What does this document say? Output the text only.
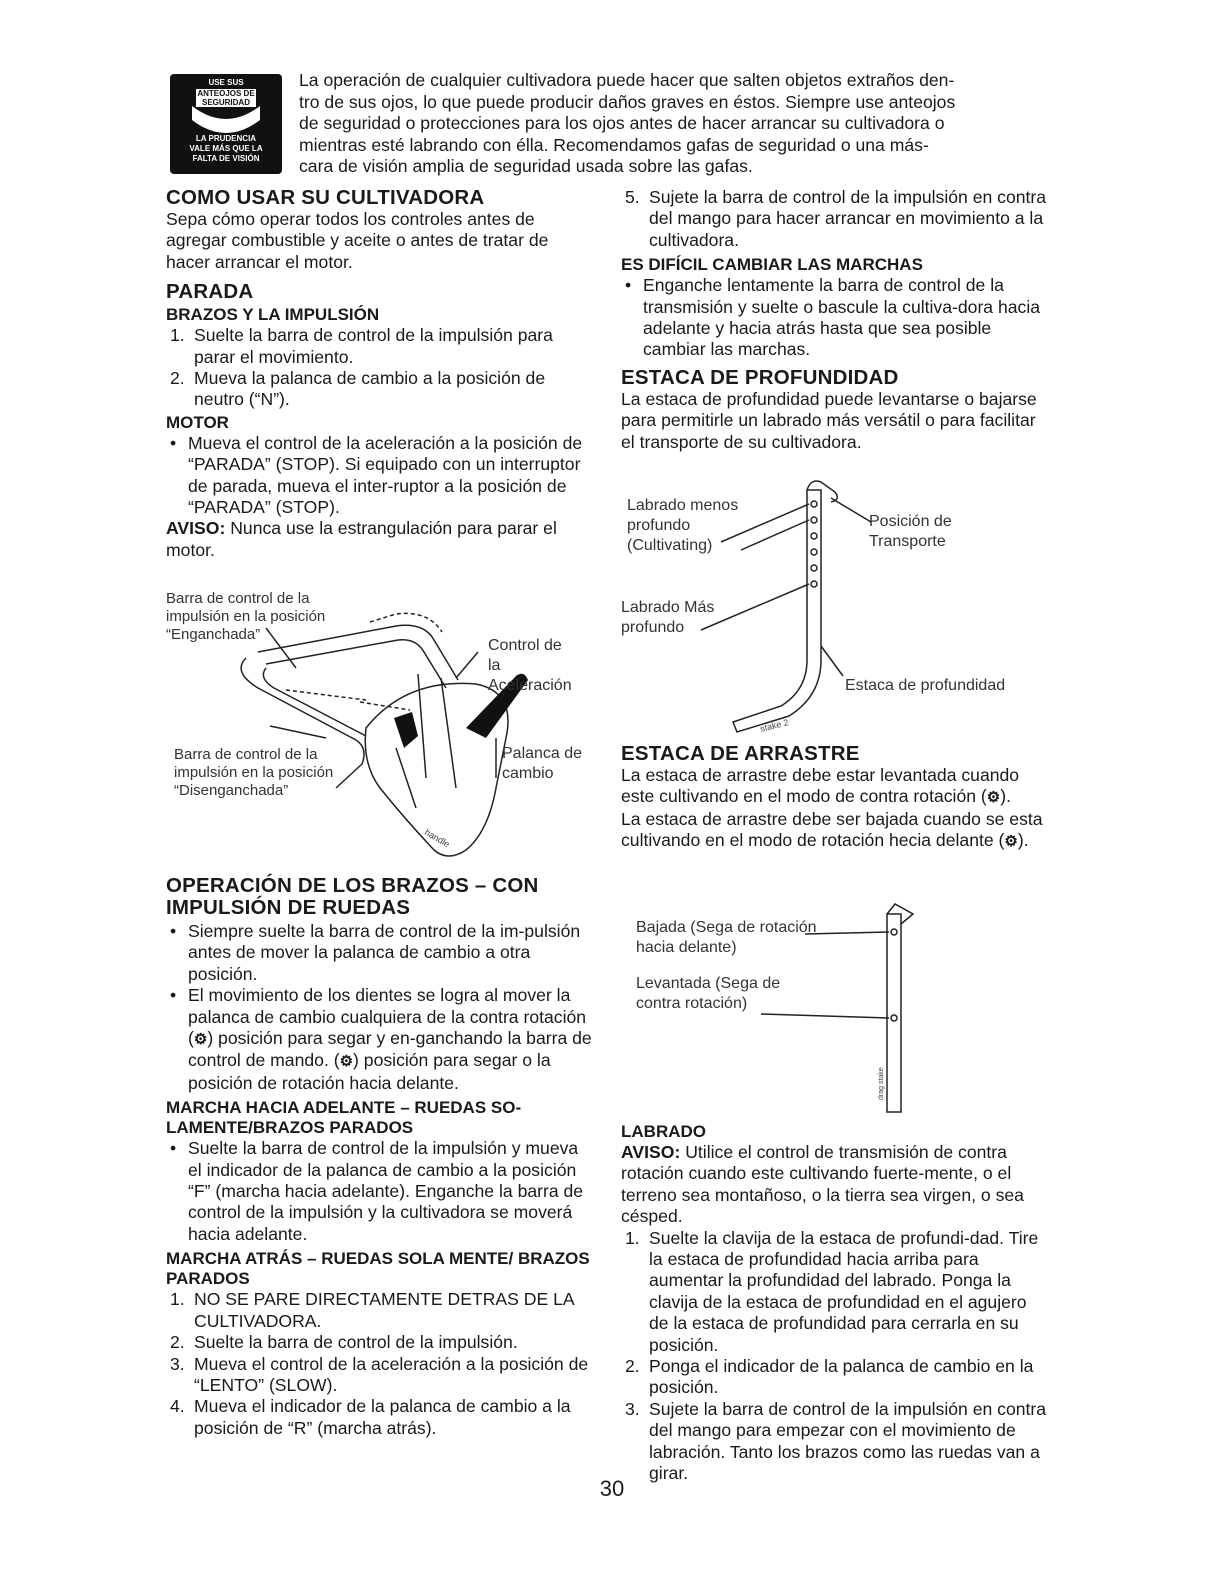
USE SUS
ANTEOJOS DE
SEGURIDAD
LA PRUDENCIA
VALE MÁS QUE LA
FALTA DE VISIÓN
La operación de cualquier cultivadora puede hacer que salten objetos extraños den-
tro de sus ojos, lo que puede producir daños graves en éstos. Siempre use anteojos
de seguridad o protecciones para los ojos antes de hacer arrancar su cultivadora o
mientras esté labrando con élla. Recomendamos gafas de seguridad o una más-
cara de visión amplia de seguridad usada sobre las gafas.
COMO USAR SU CULTIVADORA

Sepa cómo operar todos los controles antes de agregar combustible y aceite o antes de tratar de hacer arrancar el motor.

PARADA
BRAZOS Y LA IMPULSIÓN
1. Suelte la barra de control de la impulsión para parar el movimiento.
2. Mueva la palanca de cambio a la posición de neutro (“N”).
MOTOR
• Mueva el control de la aceleración a la posición de “PARADA” (STOP). Si equipado con un interruptor de parada, mueva el inter-ruptor a la posición de “PARADA” (STOP).

AVISO: Nunca use la estrangulación para parar el motor.

handle
Barra de control de la impulsión en la posición “Enganchada”
Control de la Aceleración
Barra de control de la impulsión en la posición “Disenganchada”
Palanca de cambio
OPERACIÓN DE LOS BRAZOS – CON
IMPULSIÓN DE RUEDAS
• Siempre suelte la barra de control de la im-pulsión antes de mover la palanca de cambio a otra posición.
• El movimiento de los dientes se logra al mover la palanca de cambio cualquiera de la contra rotación (⚙) posición para segar y en-ganchando la barra de control de mando. (⚙) posición para segar o la posición de rotación hacia delante.
MARCHA HACIA ADELANTE – RUEDAS SO-LAMENTE/BRAZOS PARADOS
• Suelte la barra de control de la impulsión y mueva el indicador de la palanca de cambio a la posición “F” (marcha hacia adelante). Enganche la barra de control de la impulsión y la cultivadora se moverá hacia adelante.
MARCHA ATRÁS – RUEDAS SOLA MENTE/ BRAZOS PARADOS
1. NO SE PARE DIRECTAMENTE DETRAS DE LA CULTIVADORA.
2. Suelte la barra de control de la impulsión.
3. Mueva el control de la aceleración a la posición de “LENTO” (SLOW).
4. Mueva el indicador de la palanca de cambio a la posición de “R” (marcha atrás).
5. Sujete la barra de control de la impulsión en contra del mango para hacer arrancar en movimiento a la cultivadora.
ES DIFÍCIL CAMBIAR LAS MARCHAS
• Enganche lentamente la barra de control de la transmisión y suelte o bascule la cultiva-dora hacia adelante y hacia atrás hasta que sea posible cambiar las marchas.
ESTACA DE PROFUNDIDAD

La estaca de profundidad puede levantarse o bajarse para permitirle un labrado más versátil o para facilitar el transporte de su cultivadora.

stake 2
Labrado menos profundo (Cultivating)
Posición de Transporte
Labrado Más profundo
Estaca de profundidad
ESTACA DE ARRASTRE

La estaca de arrastre debe estar levantada cuando este cultivando en el modo de contra rotación (⚙).

La estaca de arrastre debe ser bajada cuando se esta cultivando en el modo de rotación hecia delante (⚙).

drag stake
Bajada (Sega de rotación hacia delante)
Levantada (Sega de contra rotación)
LABRADO

AVISO: Utilice el control de transmisión de contra rotación cuando este cultivando fuerte-mente, o el terreno sea montañoso, o la tierra sea virgen, o sea césped.

1. Suelte la clavija de la estaca de profundi-dad. Tire la estaca de profundidad hacia arriba para aumentar la profundidad del labrado. Ponga la clavija de la estaca de profundidad en el agujero de la estaca de profundidad para cerrarla en su posición.
2. Ponga el indicador de la palanca de cambio en la posición.
3. Sujete la barra de control de la impulsión en contra del mango para empezar con el movimiento de labración. Tanto los brazos como las ruedas van a girar.
30
